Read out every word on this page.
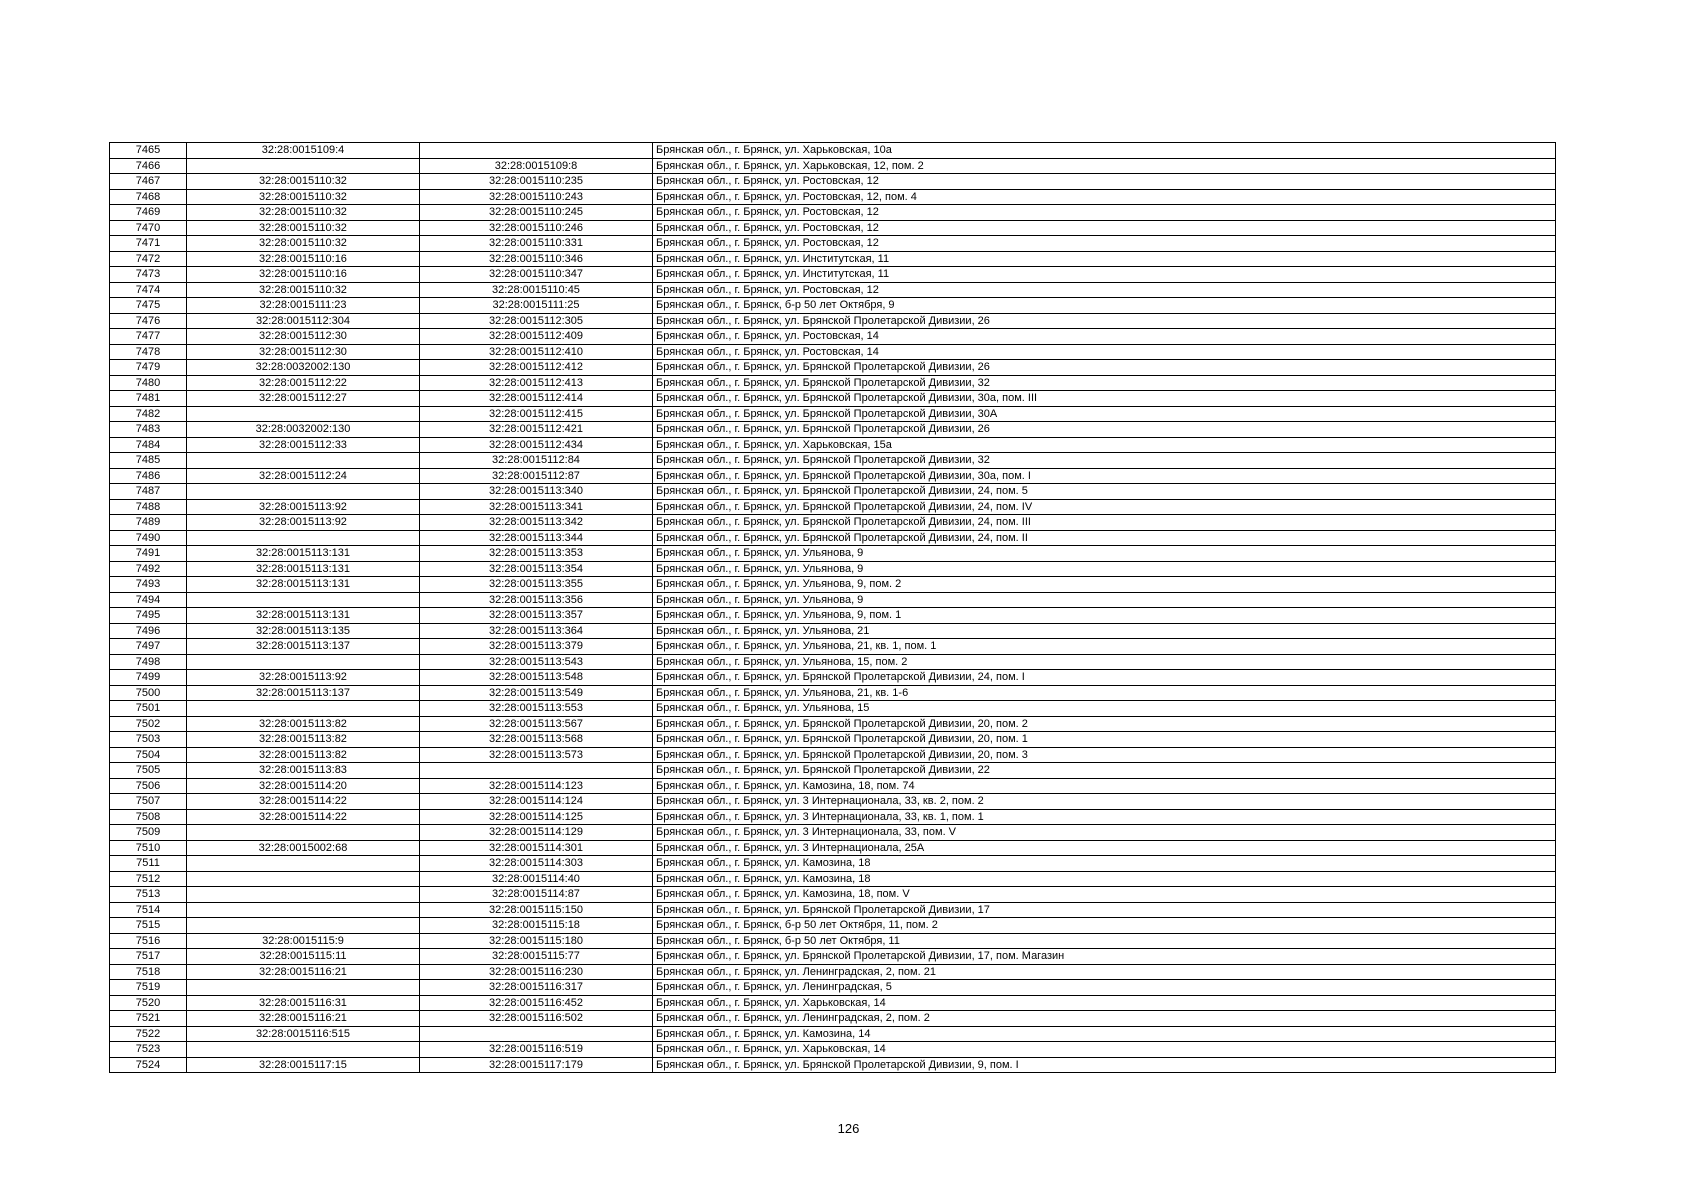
7465	32:28:0015109:4		Брянская обл., г. Брянск, ул. Харьковская, 10а
7466		32:28:0015109:8	Брянская обл., г. Брянск, ул. Харьковская, 12, пом. 2
7467	32:28:0015110:32	32:28:0015110:235	Брянская обл., г. Брянск, ул. Ростовская, 12
7468	32:28:0015110:32	32:28:0015110:243	Брянская обл., г. Брянск, ул. Ростовская, 12, пом. 4
7469	32:28:0015110:32	32:28:0015110:245	Брянская обл., г. Брянск, ул. Ростовская, 12
7470	32:28:0015110:32	32:28:0015110:246	Брянская обл., г. Брянск, ул. Ростовская, 12
7471	32:28:0015110:32	32:28:0015110:331	Брянская обл., г. Брянск, ул. Ростовская, 12
7472	32:28:0015110:16	32:28:0015110:346	Брянская обл., г. Брянск, ул. Институтская, 11
7473	32:28:0015110:16	32:28:0015110:347	Брянская обл., г. Брянск, ул. Институтская, 11
7474	32:28:0015110:32	32:28:0015110:45	Брянская обл., г. Брянск, ул. Ростовская, 12
7475	32:28:0015111:23	32:28:0015111:25	Брянская обл., г. Брянск, б-р 50 лет Октября, 9
7476	32:28:0015112:304	32:28:0015112:305	Брянская обл., г. Брянск, ул. Брянской Пролетарской Дивизии, 26
7477	32:28:0015112:30	32:28:0015112:409	Брянская обл., г. Брянск, ул. Ростовская, 14
7478	32:28:0015112:30	32:28:0015112:410	Брянская обл., г. Брянск, ул. Ростовская, 14
7479	32:28:0032002:130	32:28:0015112:412	Брянская обл., г. Брянск, ул. Брянской Пролетарской Дивизии, 26
7480	32:28:0015112:22	32:28:0015112:413	Брянская обл., г. Брянск, ул. Брянской Пролетарской Дивизии, 32
7481	32:28:0015112:27	32:28:0015112:414	Брянская обл., г. Брянск, ул. Брянской Пролетарской Дивизии, 30а, пом. III
7482		32:28:0015112:415	Брянская обл., г. Брянск, ул. Брянской Пролетарской Дивизии, 30А
7483	32:28:0032002:130	32:28:0015112:421	Брянская обл., г. Брянск, ул. Брянской Пролетарской Дивизии, 26
7484	32:28:0015112:33	32:28:0015112:434	Брянская обл., г. Брянск, ул. Харьковская, 15а
7485		32:28:0015112:84	Брянская обл., г. Брянск, ул. Брянской Пролетарской Дивизии, 32
7486	32:28:0015112:24	32:28:0015112:87	Брянская обл., г. Брянск, ул. Брянской Пролетарской Дивизии, 30а, пом. I
7487		32:28:0015113:340	Брянская обл., г. Брянск, ул. Брянской Пролетарской Дивизии, 24, пом. 5
7488	32:28:0015113:92	32:28:0015113:341	Брянская обл., г. Брянск, ул. Брянской Пролетарской Дивизии, 24, пом. IV
7489	32:28:0015113:92	32:28:0015113:342	Брянская обл., г. Брянск, ул. Брянской Пролетарской Дивизии, 24, пом. III
7490		32:28:0015113:344	Брянская обл., г. Брянск, ул. Брянской Пролетарской Дивизии, 24, пом. II
7491	32:28:0015113:131	32:28:0015113:353	Брянская обл., г. Брянск, ул. Ульянова, 9
7492	32:28:0015113:131	32:28:0015113:354	Брянская обл., г. Брянск, ул. Ульянова, 9
7493	32:28:0015113:131	32:28:0015113:355	Брянская обл., г. Брянск, ул. Ульянова, 9, пом. 2
7494		32:28:0015113:356	Брянская обл., г. Брянск, ул. Ульянова, 9
7495	32:28:0015113:131	32:28:0015113:357	Брянская обл., г. Брянск, ул. Ульянова, 9, пом. 1
7496	32:28:0015113:135	32:28:0015113:364	Брянская обл., г. Брянск, ул. Ульянова, 21
7497	32:28:0015113:137	32:28:0015113:379	Брянская обл., г. Брянск, ул. Ульянова, 21, кв. 1, пом. 1
7498		32:28:0015113:543	Брянская обл., г. Брянск, ул. Ульянова, 15, пом. 2
7499	32:28:0015113:92	32:28:0015113:548	Брянская обл., г. Брянск, ул. Брянской Пролетарской Дивизии, 24, пом. I
7500	32:28:0015113:137	32:28:0015113:549	Брянская обл., г. Брянск, ул. Ульянова, 21, кв. 1-6
7501		32:28:0015113:553	Брянская обл., г. Брянск, ул. Ульянова, 15
7502	32:28:0015113:82	32:28:0015113:567	Брянская обл., г. Брянск, ул. Брянской Пролетарской Дивизии, 20, пом. 2
7503	32:28:0015113:82	32:28:0015113:568	Брянская обл., г. Брянск, ул. Брянской Пролетарской Дивизии, 20, пом. 1
7504	32:28:0015113:82	32:28:0015113:573	Брянская обл., г. Брянск, ул. Брянской Пролетарской Дивизии, 20, пом. 3
7505	32:28:0015113:83		Брянская обл., г. Брянск, ул. Брянской Пролетарской Дивизии, 22
7506	32:28:0015114:20	32:28:0015114:123	Брянская обл., г. Брянск, ул. Камозина, 18, пом. 74
7507	32:28:0015114:22	32:28:0015114:124	Брянская обл., г. Брянск, ул. 3 Интернационала, 33, кв. 2, пом. 2
7508	32:28:0015114:22	32:28:0015114:125	Брянская обл., г. Брянск, ул. 3 Интернационала, 33, кв. 1, пом. 1
7509		32:28:0015114:129	Брянская обл., г. Брянск, ул. 3 Интернационала, 33, пом. V
7510	32:28:0015002:68	32:28:0015114:301	Брянская обл., г. Брянск, ул. 3 Интернационала, 25А
7511		32:28:0015114:303	Брянская обл., г. Брянск, ул. Камозина, 18
7512		32:28:0015114:40	Брянская обл., г. Брянск, ул. Камозина, 18
7513		32:28:0015114:87	Брянская обл., г. Брянск, ул. Камозина, 18, пом. V
7514		32:28:0015115:150	Брянская обл., г. Брянск, ул. Брянской Пролетарской Дивизии, 17
7515		32:28:0015115:18	Брянская обл., г. Брянск, б-р 50 лет Октября, 11, пом. 2
7516	32:28:0015115:9	32:28:0015115:180	Брянская обл., г. Брянск, б-р 50 лет Октября, 11
7517	32:28:0015115:11	32:28:0015115:77	Брянская обл., г. Брянск, ул. Брянской Пролетарской Дивизии, 17, пом. Магазин
7518	32:28:0015116:21	32:28:0015116:230	Брянская обл., г. Брянск, ул. Ленинградская, 2, пом. 21
7519		32:28:0015116:317	Брянская обл., г. Брянск, ул. Ленинградская, 5
7520	32:28:0015116:31	32:28:0015116:452	Брянская обл., г. Брянск, ул. Харьковская, 14
7521	32:28:0015116:21	32:28:0015116:502	Брянская обл., г. Брянск, ул. Ленинградская, 2, пом. 2
7522	32:28:0015116:515		Брянская обл., г. Брянск, ул. Камозина, 14
7523		32:28:0015116:519	Брянская обл., г. Брянск, ул. Харьковская, 14
7524	32:28:0015117:15	32:28:0015117:179	Брянская обл., г. Брянск, ул. Брянской Пролетарской Дивизии, 9, пом. I
126
